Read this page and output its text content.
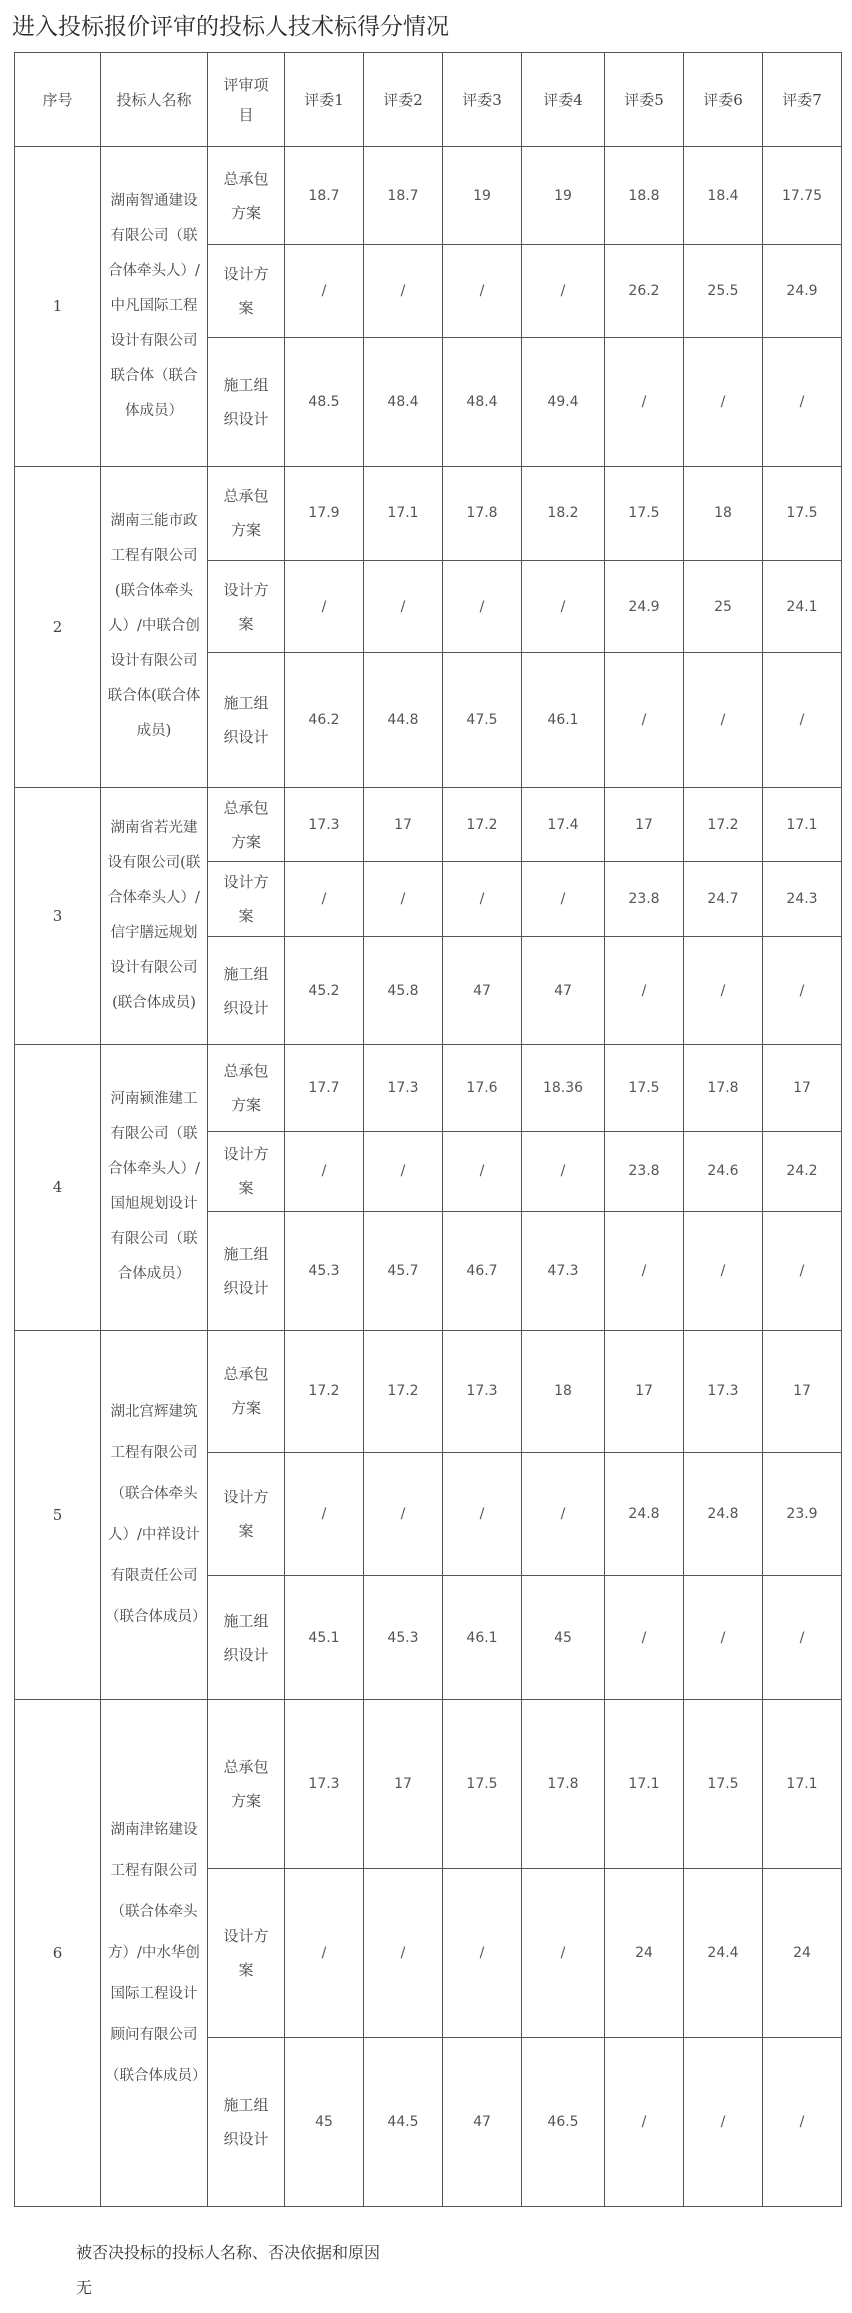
进入投标报价评审的投标人技术标得分情况
序号	投标人名称	评审项目	评委1	评委2	评委3	评委4	评委5	评委6	评委7
1	湖南智通建设有限公司（联合体牵头人）/中凡国际工程设计有限公司联合体（联合体成员）	总承包方案	18.7	18.7	19	19	18.8	18.4	17.75
		设计方案	/	/	/	/	26.2	25.5	24.9
		施工组织设计	48.5	48.4	48.4	49.4	/	/	/
2	湖南三能市政工程有限公司(联合体牵头人）/中联合创设计有限公司联合体(联合体成员)	总承包方案	17.9	17.1	17.8	18.2	17.5	18	17.5
		设计方案	/	/	/	/	24.9	25	24.1
		施工组织设计	46.2	44.8	47.5	46.1	/	/	/
3	湖南省若光建设有限公司(联合体牵头人）/信宇膳远规划设计有限公司(联合体成员)	总承包方案	17.3	17	17.2	17.4	17	17.2	17.1
		设计方案	/	/	/	/	23.8	24.7	24.3
		施工组织设计	45.2	45.8	47	47	/	/	/
4	河南颍淮建工有限公司（联合体牵头人）/国旭规划设计有限公司（联合体成员）	总承包方案	17.7	17.3	17.6	18.36	17.5	17.8	17
		设计方案	/	/	/	/	23.8	24.6	24.2
		施工组织设计	45.3	45.7	46.7	47.3	/	/	/
5	湖北宫辉建筑工程有限公司（联合体牵头人）/中祥设计有限责任公司（联合体成员）	总承包方案	17.2	17.2	17.3	18	17	17.3	17
		设计方案	/	/	/	/	24.8	24.8	23.9
		施工组织设计	45.1	45.3	46.1	45	/	/	/
6	湖南津铭建设工程有限公司（联合体牵头方）/中水华创国际工程设计顾问有限公司（联合体成员）	总承包方案	17.3	17	17.5	17.8	17.1	17.5	17.1
		设计方案	/	/	/	/	24	24.4	24
		施工组织设计	45	44.5	47	46.5	/	/	/
被否决投标的投标人名称、否决依据和原因
无
